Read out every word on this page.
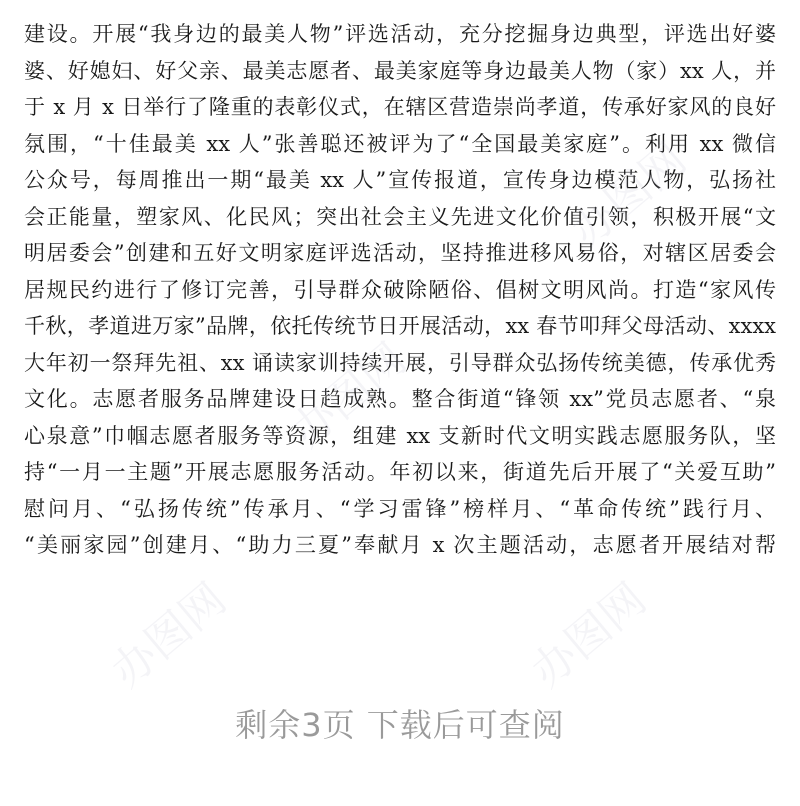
建设。开展“我身边的最美人物”评选活动，充分挖掘身边典型，评选出好婆
婆、好媳妇、好父亲、最美志愿者、最美家庭等身边最美人物（家）xx 人，并
于 x 月 x 日举行了隆重的表彰仪式，在辖区营造崇尚孝道，传承好家风的良好
氛围，“十佳最美 xx 人”张善聪还被评为了“全国最美家庭”。利用 xx 微信
公众号，每周推出一期“最美 xx 人”宣传报道，宣传身边模范人物，弘扬社
会正能量，塑家风、化民风；突出社会主义先进文化价值引领，积极开展“文
明居委会”创建和五好文明家庭评选活动，坚持推进移风易俗，对辖区居委会
居规民约进行了修订完善，引导群众破除陋俗、倡树文明风尚。打造“家风传
千秋，孝道进万家”品牌，依托传统节日开展活动，xx 春节叩拜父母活动、xxxx
大年初一祭拜先祖、xx 诵读家训持续开展，引导群众弘扬传统美德，传承优秀
文化。志愿者服务品牌建设日趋成熟。整合街道“锋领 xx”党员志愿者、“泉
心泉意”巾帼志愿者服务等资源，组建 xx 支新时代文明实践志愿服务队，坚
持“一月一主题”开展志愿服务活动。年初以来，街道先后开展了“关爱互助”
慰问月、“弘扬传统”传承月、“学习雷锋”榜样月、“革命传统”践行月、
“美丽家园”创建月、“助力三夏”奉献月 x 次主题活动，志愿者开展结对帮
办图网
办图网
办图网	办图网
剩余3页 下载后可查阅
